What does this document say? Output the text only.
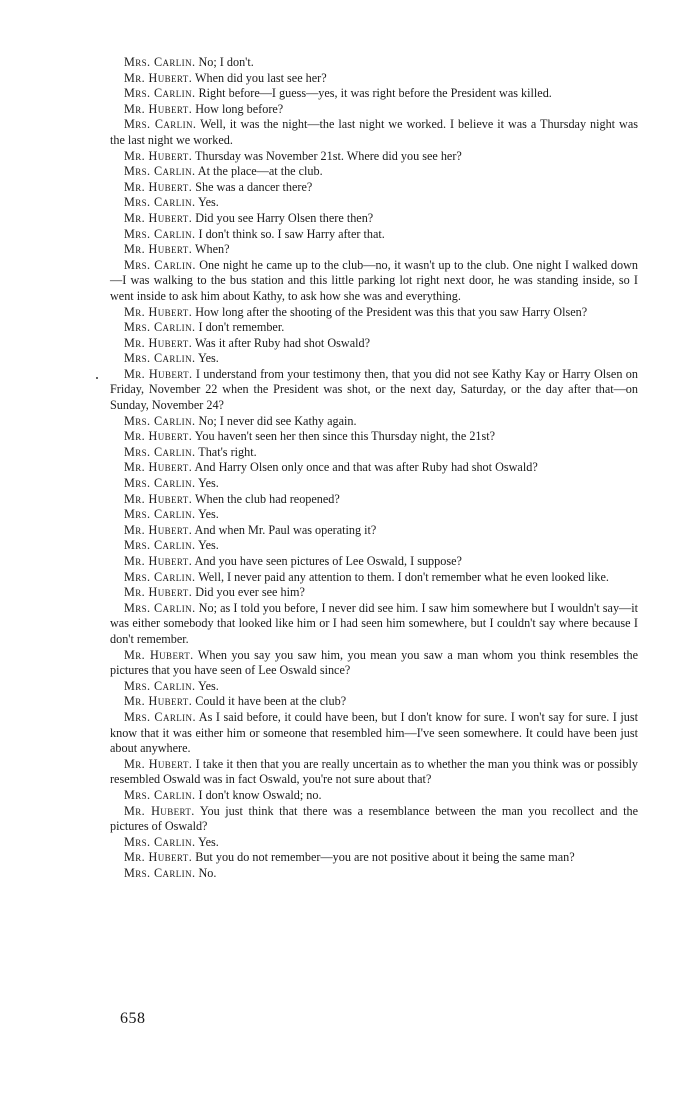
Mrs. Carlin. No; I don't.

Mr. Hubert. When did you last see her?

Mrs. Carlin. Right before—I guess—yes, it was right before the President was killed.

Mr. Hubert. How long before?

Mrs. Carlin. Well, it was the night—the last night we worked. I believe it was a Thursday night was the last night we worked.

Mr. Hubert. Thursday was November 21st. Where did you see her?

Mrs. Carlin. At the place—at the club.

Mr. Hubert. She was a dancer there?

Mrs. Carlin. Yes.

Mr. Hubert. Did you see Harry Olsen there then?

Mrs. Carlin. I don't think so. I saw Harry after that.

Mr. Hubert. When?

Mrs. Carlin. One night he came up to the club—no, it wasn't up to the club. One night I walked down—I was walking to the bus station and this little parking lot right next door, he was standing inside, so I went inside to ask him about Kathy, to ask how she was and everything.

Mr. Hubert. How long after the shooting of the President was this that you saw Harry Olsen?

Mrs. Carlin. I don't remember.

Mr. Hubert. Was it after Ruby had shot Oswald?

Mrs. Carlin. Yes.

Mr. Hubert. I understand from your testimony then, that you did not see Kathy Kay or Harry Olsen on Friday, November 22 when the President was shot, or the next day, Saturday, or the day after that—on Sunday, November 24?

Mrs. Carlin. No; I never did see Kathy again.

Mr. Hubert. You haven't seen her then since this Thursday night, the 21st?

Mrs. Carlin. That's right.

Mr. Hubert. And Harry Olsen only once and that was after Ruby had shot Oswald?

Mrs. Carlin. Yes.

Mr. Hubert. When the club had reopened?

Mrs. Carlin. Yes.

Mr. Hubert. And when Mr. Paul was operating it?

Mrs. Carlin. Yes.

Mr. Hubert. And you have seen pictures of Lee Oswald, I suppose?

Mrs. Carlin. Well, I never paid any attention to them. I don't remember what he even looked like.

Mr. Hubert. Did you ever see him?

Mrs. Carlin. No; as I told you before, I never did see him. I saw him somewhere but I wouldn't say—it was either somebody that looked like him or I had seen him somewhere, but I couldn't say where because I don't remember.

Mr. Hubert. When you say you saw him, you mean you saw a man whom you think resembles the pictures that you have seen of Lee Oswald since?

Mrs. Carlin. Yes.

Mr. Hubert. Could it have been at the club?

Mrs. Carlin. As I said before, it could have been, but I don't know for sure. I won't say for sure. I just know that it was either him or someone that resembled him—I've seen somewhere. It could have been just about anywhere.

Mr. Hubert. I take it then that you are really uncertain as to whether the man you think was or possibly resembled Oswald was in fact Oswald, you're not sure about that?

Mrs. Carlin. I don't know Oswald; no.

Mr. Hubert. You just think that there was a resemblance between the man you recollect and the pictures of Oswald?

Mrs. Carlin. Yes.

Mr. Hubert. But you do not remember—you are not positive about it being the same man?

Mrs. Carlin. No.

658
